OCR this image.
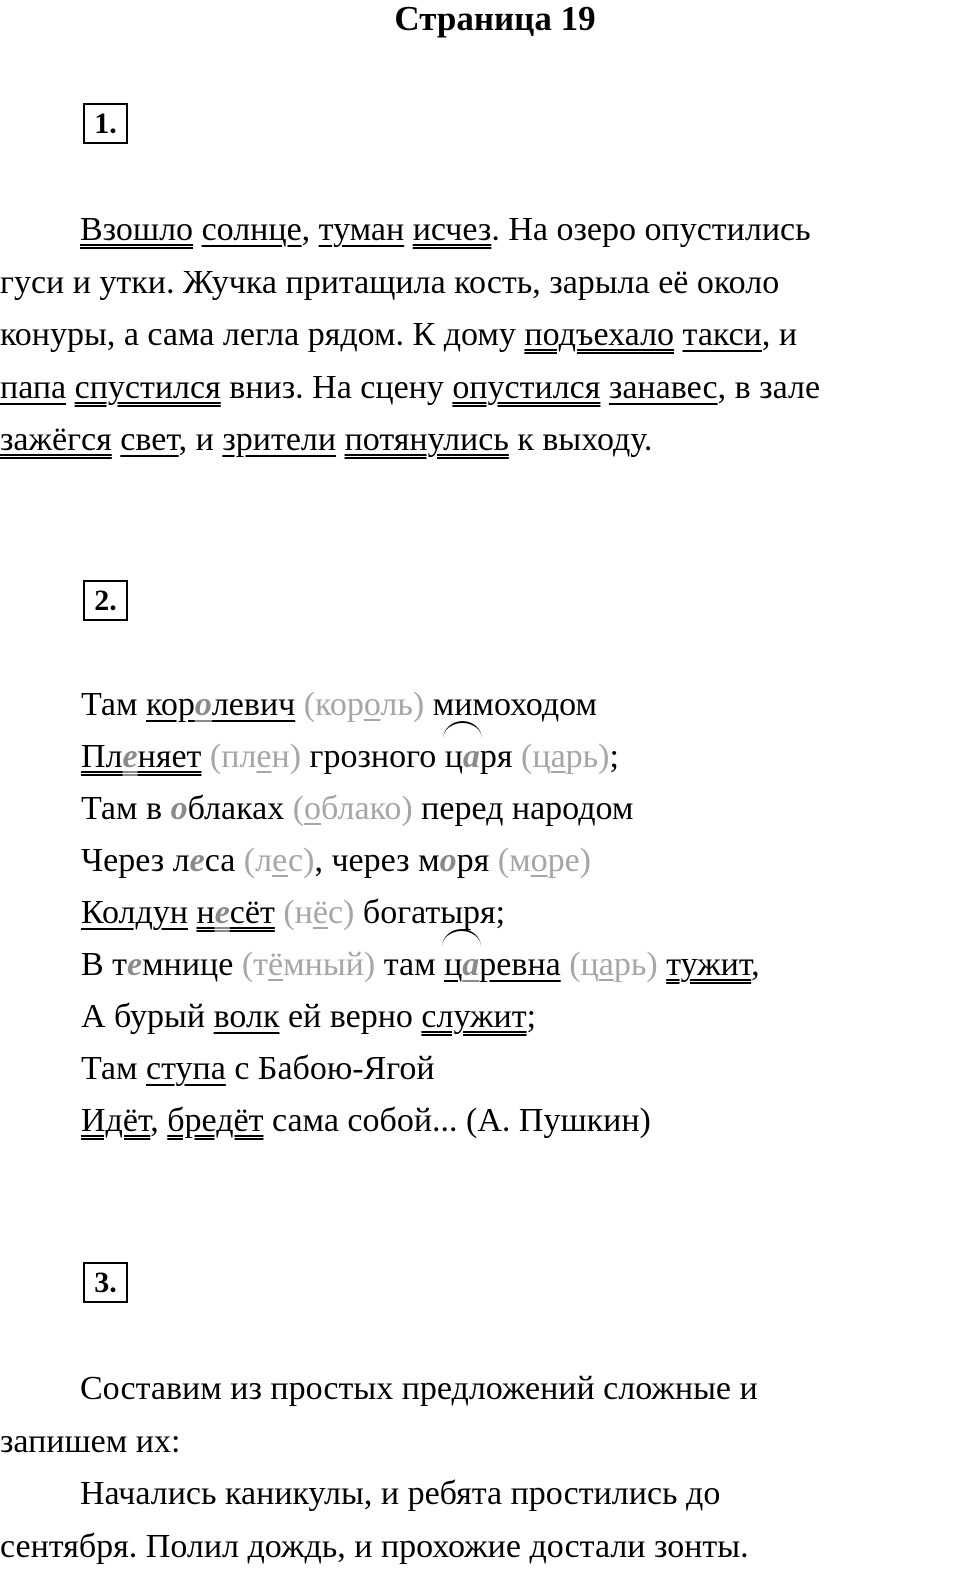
Страница 19
1.
Взошло солнце, туман исчез. На озеро опустились
гуси и утки. Жучка притащила кость, зарыла её около
конуры, а сама легла рядом. К дому подъехало такси, и
папа спустился вниз. На сцену опустился занавес, в зале
зажёгся свет, и зрители потянулись к выходу.
2.
Там королевич (король) мимоходом
Пленяет (плен) грозного
царя (царь);
Там в облаках (облако) перед народом
Через леса (лес), через моря (море)
Колдун несёт (нёс) богатыря;
В темнице (тёмный) там
царевна (царь) тужит,
А бурый волк ей верно служит;
Там ступа с Бабою-Ягой
Идёт, бредёт сама собой... (А. Пушкин)
3.
Составим из простых предложений сложные и
запишем их:
Начались каникулы, и ребята простились до
сентября. Полил дождь, и прохожие достали зонты.
